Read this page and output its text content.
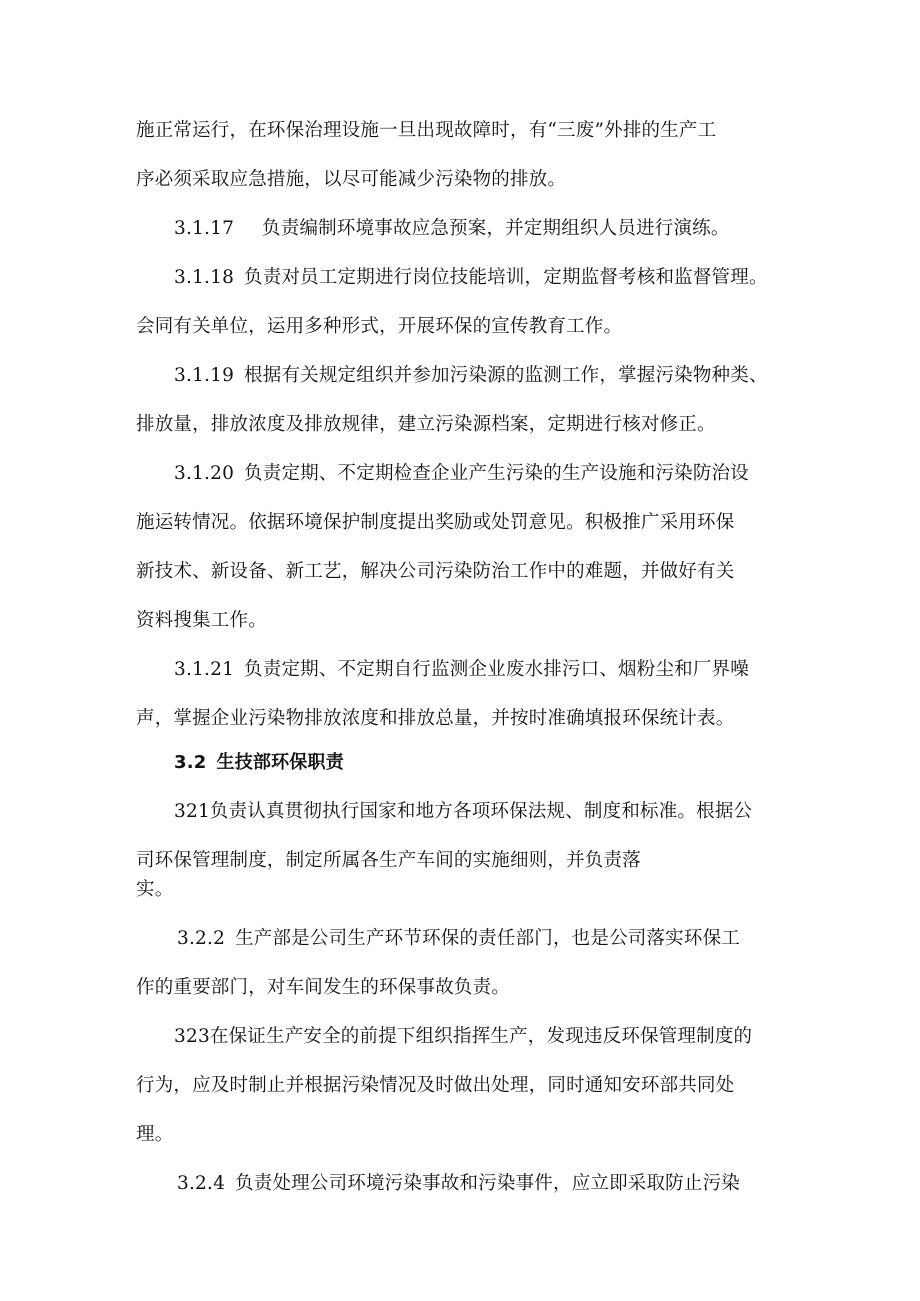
施正常运行，在环保治理设施一旦出现故障时，有“三废”外排的生产工
序必须采取应急措施，以尽可能减少污染物的排放。
3.1.17 负责编制环境事故应急预案，并定期组织人员进行演练。
3.1.18 负责对员工定期进行岗位技能培训，定期监督考核和监督管理。
会同有关单位，运用多种形式，开展环保的宣传教育工作。
3.1.19 根据有关规定组织并参加污染源的监测工作，掌握污染物种类、
排放量，排放浓度及排放规律，建立污染源档案，定期进行核对修正。
3.1.20 负责定期、不定期检查企业产生污染的生产设施和污染防治设
施运转情况。依据环境保护制度提出奖励或处罚意见。积极推广采用环保
新技术、新设备、新工艺，解决公司污染防治工作中的难题，并做好有关
资料搜集工作。
3.1.21 负责定期、不定期自行监测企业废水排污口、烟粉尘和厂界噪
声，掌握企业污染物排放浓度和排放总量，并按时准确填报环保统计表。
3.2 生技部环保职责
321负责认真贯彻执行国家和地方各项环保法规、制度和标准。根据公
司环保管理制度，制定所属各生产车间的实施细则，并负责落
实。
3.2.2 生产部是公司生产环节环保的责任部门，也是公司落实环保工
作的重要部门，对车间发生的环保事故负责。
323在保证生产安全的前提下组织指挥生产，发现违反环保管理制度的
行为，应及时制止并根据污染情况及时做出处理，同时通知安环部共同处
理。
3.2.4 负责处理公司环境污染事故和污染事件，应立即采取防止污染
